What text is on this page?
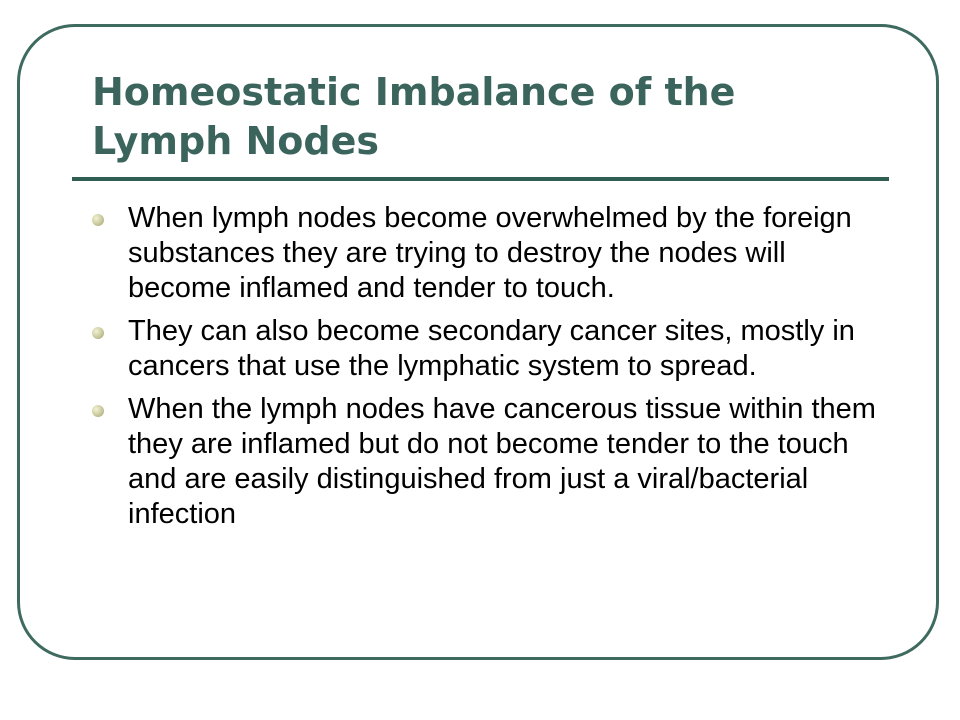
Homeostatic Imbalance of the Lymph Nodes
When lymph nodes become overwhelmed by the foreign substances they are trying to destroy the nodes will become inflamed and tender to touch.
They can also become secondary cancer sites, mostly in cancers that use the lymphatic system to spread.
When the lymph nodes have cancerous tissue within them they are inflamed but do not become tender to the touch and are easily distinguished from just a viral/bacterial infection
